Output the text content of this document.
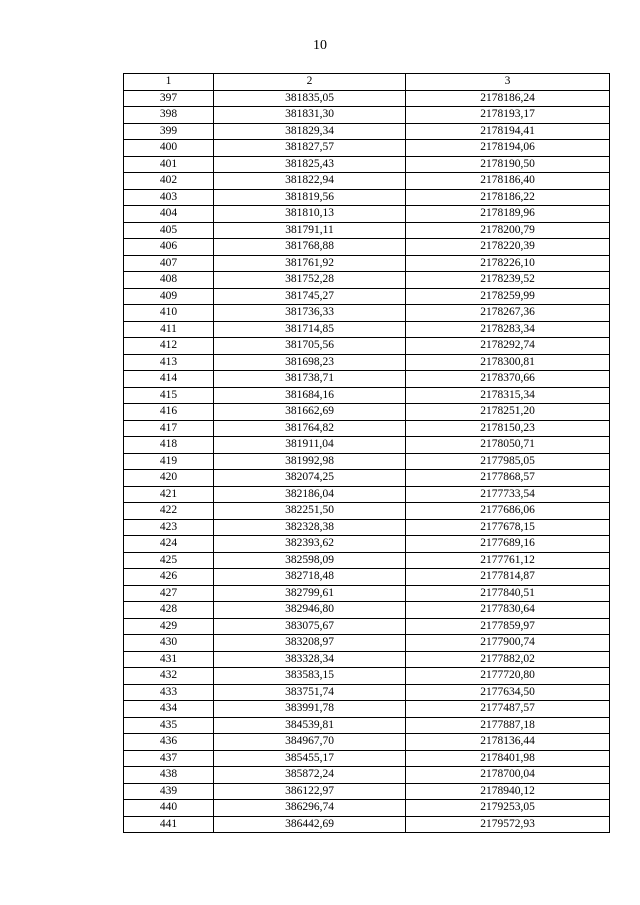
10
1	2	3
397	381835,05	2178186,24
398	381831,30	2178193,17
399	381829,34	2178194,41
400	381827,57	2178194,06
401	381825,43	2178190,50
402	381822,94	2178186,40
403	381819,56	2178186,22
404	381810,13	2178189,96
405	381791,11	2178200,79
406	381768,88	2178220,39
407	381761,92	2178226,10
408	381752,28	2178239,52
409	381745,27	2178259,99
410	381736,33	2178267,36
411	381714,85	2178283,34
412	381705,56	2178292,74
413	381698,23	2178300,81
414	381738,71	2178370,66
415	381684,16	2178315,34
416	381662,69	2178251,20
417	381764,82	2178150,23
418	381911,04	2178050,71
419	381992,98	2177985,05
420	382074,25	2177868,57
421	382186,04	2177733,54
422	382251,50	2177686,06
423	382328,38	2177678,15
424	382393,62	2177689,16
425	382598,09	2177761,12
426	382718,48	2177814,87
427	382799,61	2177840,51
428	382946,80	2177830,64
429	383075,67	2177859,97
430	383208,97	2177900,74
431	383328,34	2177882,02
432	383583,15	2177720,80
433	383751,74	2177634,50
434	383991,78	2177487,57
435	384539,81	2177887,18
436	384967,70	2178136,44
437	385455,17	2178401,98
438	385872,24	2178700,04
439	386122,97	2178940,12
440	386296,74	2179253,05
441	386442,69	2179572,93
